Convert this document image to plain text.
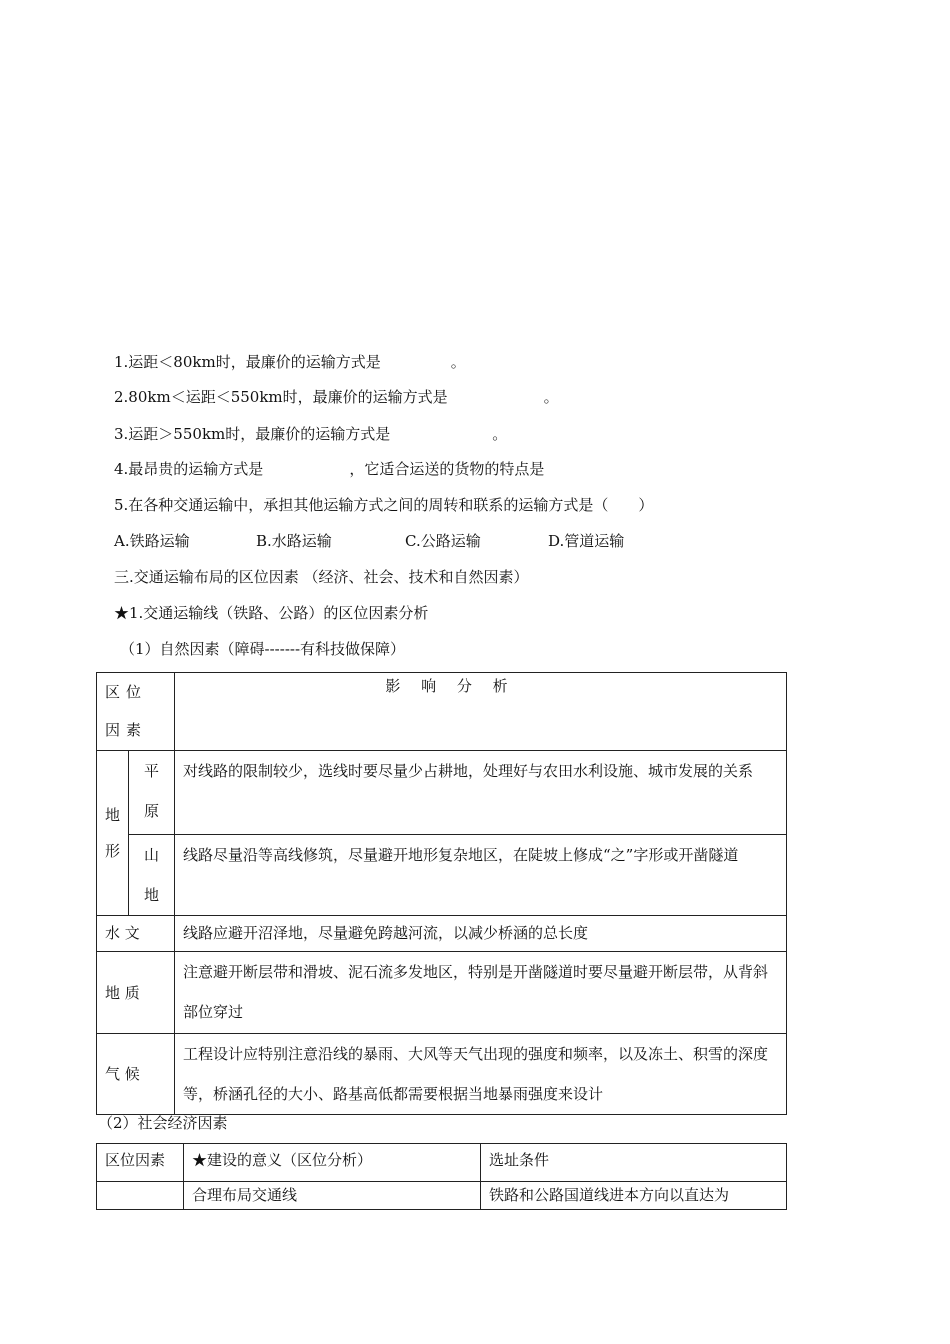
1.运距＜80km时，最廉价的运输方式是	。
2.80km＜运距＜550km时，最廉价的运输方式是	。
3.运距＞550km时，最廉价的运输方式是	。
4.最昂贵的运输方式是	，它适合运送的货物的特点是
5.在各种交通运输中，承担其他运输方式之间的周转和联系的运输方式是（　　）
A.铁路运输	B.水路运输	C.公路运输	D.管道运输
三.交通运输布局的区位因素 （经济、社会、技术和自然因素）
★1.交通运输线（铁路、公路）的区位因素分析
（1）自然因素（障碍-------有科技做保障）
区位因素		影 响 分 析

地形	平原	对线路的限制较少，选线时要尽量少占耕地，处理好与农田水利设施、城市发展的关系

	山地	线路尽量沿等高线修筑，尽量避开地形复杂地区，在陡坡上修成“之”字形或开凿隧道
水 文		线路应避开沼泽地，尽量避免跨越河流，以减少桥涵的总长度
地 质		注意避开断层带和滑坡、泥石流多发地区，特别是开凿隧道时要尽量避开断层带，从背斜部位穿过
气 候		工程设计应特别注意沿线的暴雨、大风等天气出现的强度和频率，以及冻土、积雪的深度等，桥涵孔径的大小、路基高低都需要根据当地暴雨强度来设计
（2）社会经济因素
区位因素	★建设的意义（区位分析）	选址条件
	合理布局交通线	铁路和公路国道线进本方向以直达为
